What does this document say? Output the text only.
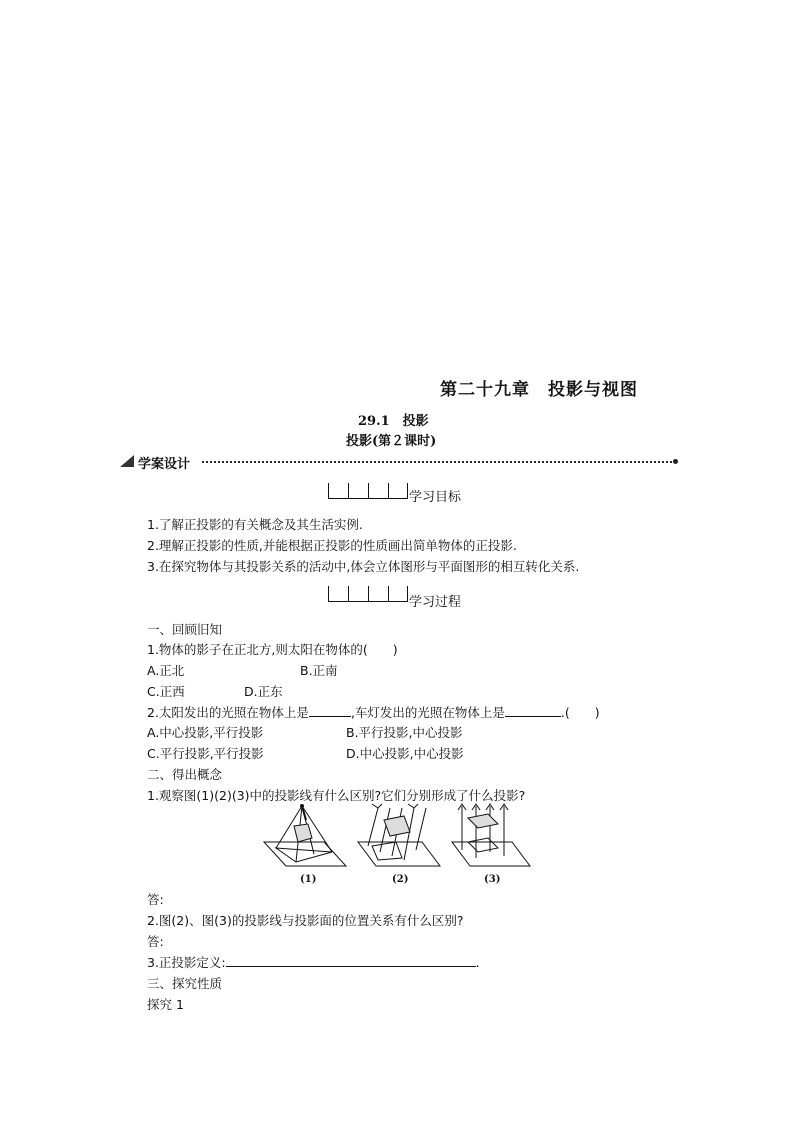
第二十九章　投影与视图
29.1　投影
投影(第２课时)
学案设计
学习目标
1.了解正投影的有关概念及其生活实例.
2.理解正投影的性质,并能根据正投影的性质画出简单物体的正投影.
3.在探究物体与其投影关系的活动中,体会立体图形与平面图形的相互转化关系.
学习过程
一、回顾旧知
1.物体的影子在正北方,则太阳在物体的(　　)
A.正北	B.正南
C.正西	D.正东
2.太阳发出的光照在物体上是	,车灯发出的光照在物体上是	.(　　)
A.中心投影,平行投影	B.平行投影,中心投影
C.平行投影,平行投影	D.中心投影,中心投影
二、得出概念
1.观察图(1)(2)(3)中的投影线有什么区别?它们分别形成了什么投影?
(1)	(2)	(3)
答:
2.图(2)、图(3)的投影线与投影面的位置关系有什么区别?
答:
3.正投影定义:	.
三、探究性质
探究 1
